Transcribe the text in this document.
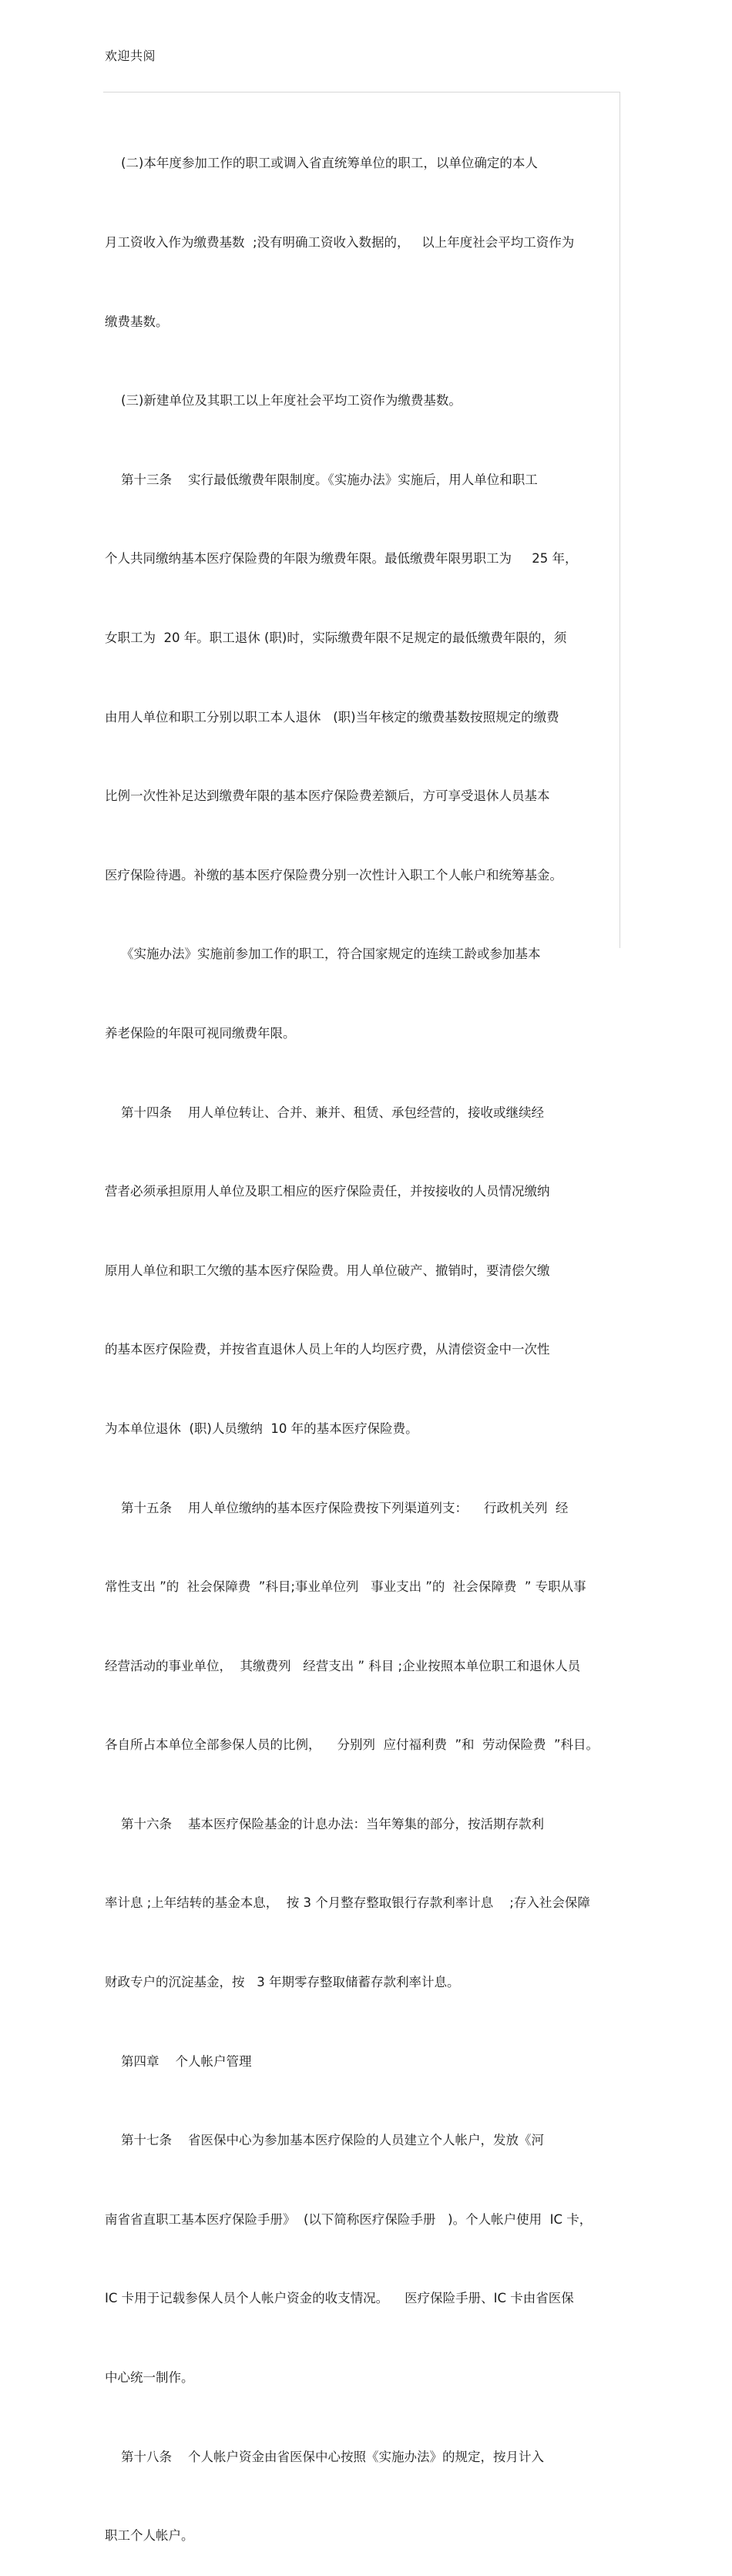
欢迎共阅

(二)本年度参加工作的职工或调入省直统筹单位的职工，以单位确定的本人

月工资收入作为缴费基数  ;没有明确工资收入数据的，   以上年度社会平均工资作为

缴费基数。

(三)新建单位及其职工以上年度社会平均工资作为缴费基数。

第十三条    实行最低缴费年限制度。《实施办法》实施后，用人单位和职工

个人共同缴纳基本医疗保险费的年限为缴费年限。最低缴费年限男职工为     25 年，

女职工为  20 年。职工退休 (职)时，实际缴费年限不足规定的最低缴费年限的，须

由用人单位和职工分别以职工本人退休   (职)当年核定的缴费基数按照规定的缴费

比例一次性补足达到缴费年限的基本医疗保险费差额后，方可享受退休人员基本

医疗保险待遇。补缴的基本医疗保险费分别一次性计入职工个人帐户和统筹基金。

《实施办法》实施前参加工作的职工，符合国家规定的连续工龄或参加基本

养老保险的年限可视同缴费年限。

第十四条    用人单位转让、合并、兼并、租赁、承包经营的，接收或继续经

营者必须承担原用人单位及职工相应的医疗保险责任，并按接收的人员情况缴纳

原用人单位和职工欠缴的基本医疗保险费。用人单位破产、撤销时，要清偿欠缴

的基本医疗保险费，并按省直退休人员上年的人均医疗费，从清偿资金中一次性

为本单位退休  (职)人员缴纳  10 年的基本医疗保险费。

第十五条    用人单位缴纳的基本医疗保险费按下列渠道列支：    行政机关列  经

常性支出 ”的  社会保障费  ”科目;事业单位列   事业支出 ”的  社会保障费  ” 专职从事

经营活动的事业单位，  其缴费列   经营支出 ” 科目 ;企业按照本单位职工和退休人员

各自所占本单位全部参保人员的比例，    分别列  应付福利费  ”和  劳动保险费  ”科目。

第十六条    基本医疗保险基金的计息办法：当年筹集的部分，按活期存款利

率计息 ;上年结转的基金本息，  按 3 个月整存整取银行存款利率计息    ;存入社会保障

财政专户的沉淀基金，按   3 年期零存整取储蓄存款利率计息。

第四章    个人帐户管理

第十七条    省医保中心为参加基本医疗保险的人员建立个人帐户，发放《河

南省省直职工基本医疗保险手册》  (以下简称医疗保险手册   )。个人帐户使用  IC 卡，

IC 卡用于记载参保人员个人帐户资金的收支情况。    医疗保险手册、IC 卡由省医保

中心统一制作。

第十八条    个人帐户资金由省医保中心按照《实施办法》的规定，按月计入

职工个人帐户。
